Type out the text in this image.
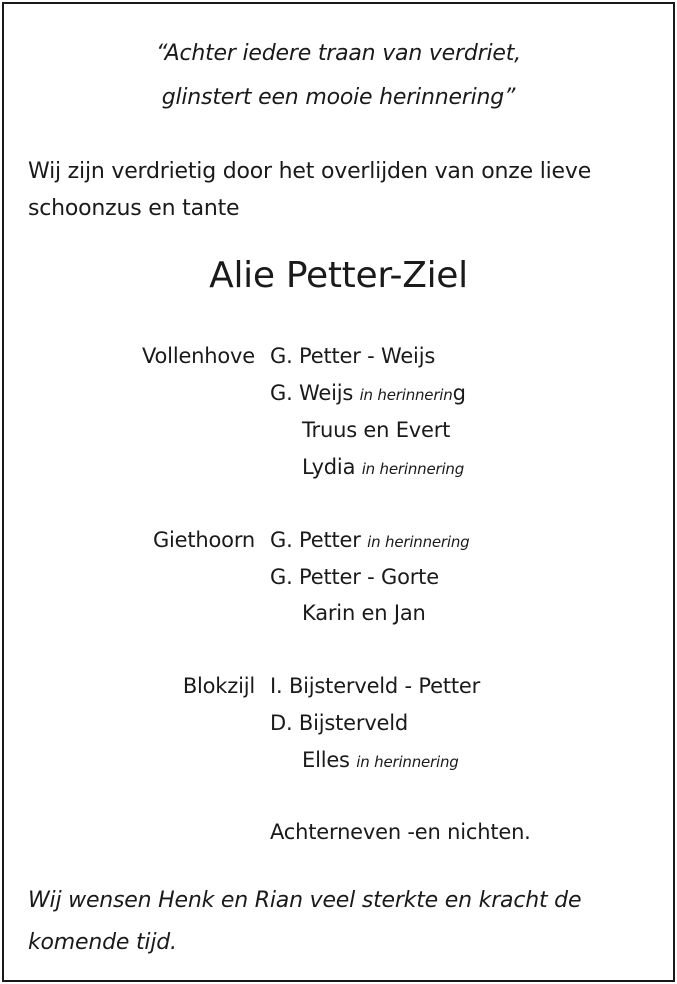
“Achter iedere traan van verdriet,
glinstert een mooie herinnering”
Wij zijn verdrietig door het overlijden van onze lieve schoonzus en tante
Alie Petter-Ziel
Vollenhove G. Petter - Weijs
G. Weijs in herinnering
Truus en Evert
Lydia in herinnering
Giethoorn G. Petter in herinnering
G. Petter - Gorte
Karin en Jan
Blokzijl I. Bijsterveld - Petter
D. Bijsterveld
Elles in herinnering
Achterneven -en nichten.
Wij wensen Henk en Rian veel sterkte en kracht de komende tijd.
